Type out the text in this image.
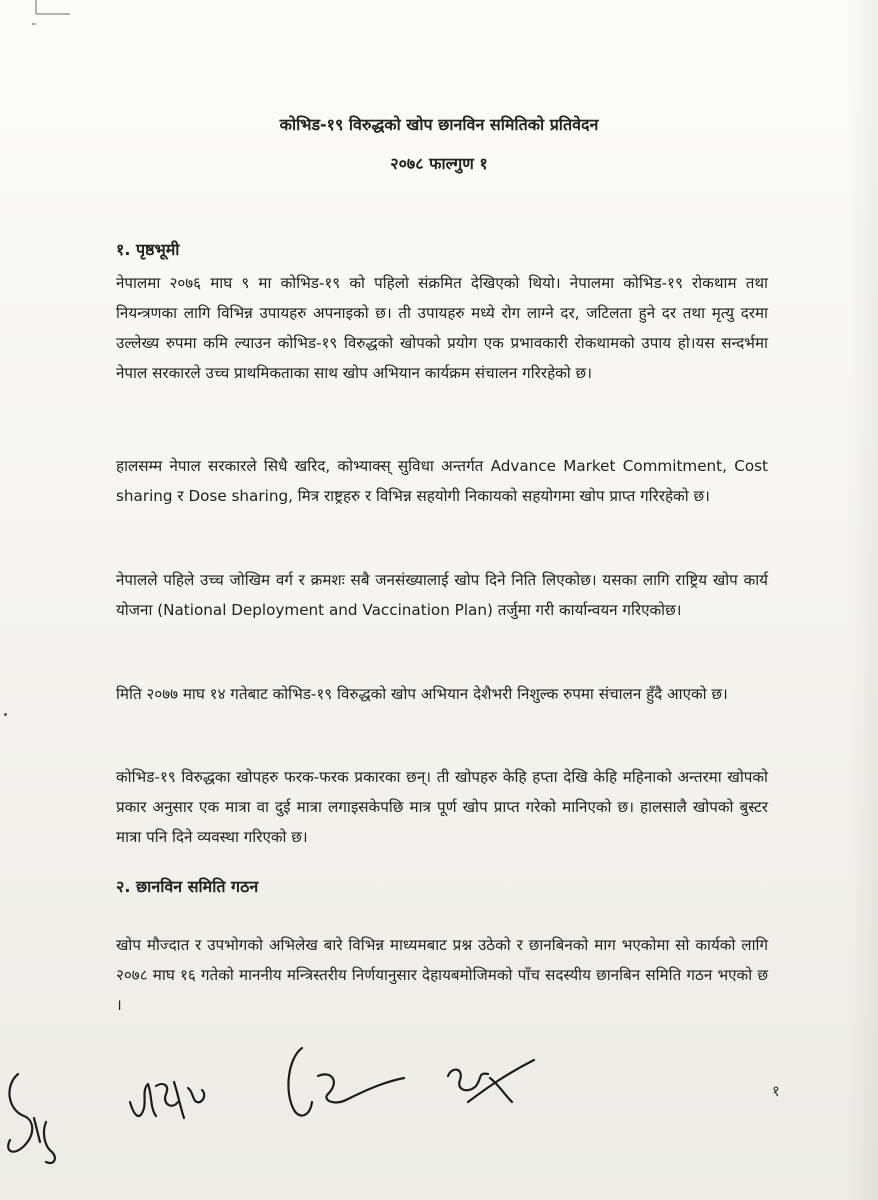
कोभिड-१९ विरुद्धको खोप छानविन समितिको प्रतिवेदन
२०७८ फाल्गुण १
१. पृष्ठभूमी
नेपालमा २०७६ माघ ९ मा कोभिड-१९ को पहिलो संक्रमित देखिएको थियो। नेपालमा कोभिड-१९ रोकथाम तथा नियन्त्रणका लागि विभिन्न उपायहरु अपनाइको छ। ती उपायहरु मध्ये रोग लाग्ने दर, जटिलता हुने दर तथा मृत्यु दरमा उल्लेख्य रुपमा कमि ल्याउन कोभिड-१९ विरुद्धको खोपको प्रयोग एक प्रभावकारी रोकथामको उपाय हो।यस सन्दर्भमा नेपाल सरकारले उच्च प्राथमिकताका साथ खोप अभियान कार्यक्रम संचालन गरिरहेको छ।
हालसम्म नेपाल सरकारले सिधै खरिद, कोभ्याक्स् सुविधा अन्तर्गत Advance Market Commitment, Cost sharing र Dose sharing, मित्र राष्ट्रहरु र विभिन्न सहयोगी निकायको सहयोगमा खोप प्राप्त गरिरहेको छ।
नेपालले पहिले उच्च जोखिम वर्ग र क्रमशः सबै जनसंख्यालाई खोप दिने निति लिएकोछ। यसका लागि राष्ट्रिय खोप कार्य योजना (National Deployment and Vaccination Plan) तर्जुमा गरी कार्यान्वयन गरिएकोछ।
मिति २०७७ माघ १४ गतेबाट कोभिड-१९ विरुद्धको खोप अभियान देशैभरी निशुल्क रुपमा संचालन हुँदै आएको छ।
कोभिड-१९ विरुद्धका खोपहरु फरक-फरक प्रकारका छन्। ती खोपहरु केहि हप्ता देखि केहि महिनाको अन्तरमा खोपको प्रकार अनुसार एक मात्रा वा दुई मात्रा लगाइसकेपछि मात्र पूर्ण खोप प्राप्त गरेको मानिएको छ। हालसालै खोपको बुस्टर मात्रा पनि दिने व्यवस्था गरिएको छ।
२. छानविन समिति गठन
खोप मौज्दात र उपभोगको अभिलेख बारे विभिन्न माध्यमबाट प्रश्न उठेको र छानबिनको माग भएकोमा सो कार्यको लागि २०७८ माघ १६ गतेको माननीय मन्त्रिस्तरीय निर्णयानुसार देहायबमोजिमको पाँच सदस्यीय छानबिन समिति गठन भएको छ ।
१
